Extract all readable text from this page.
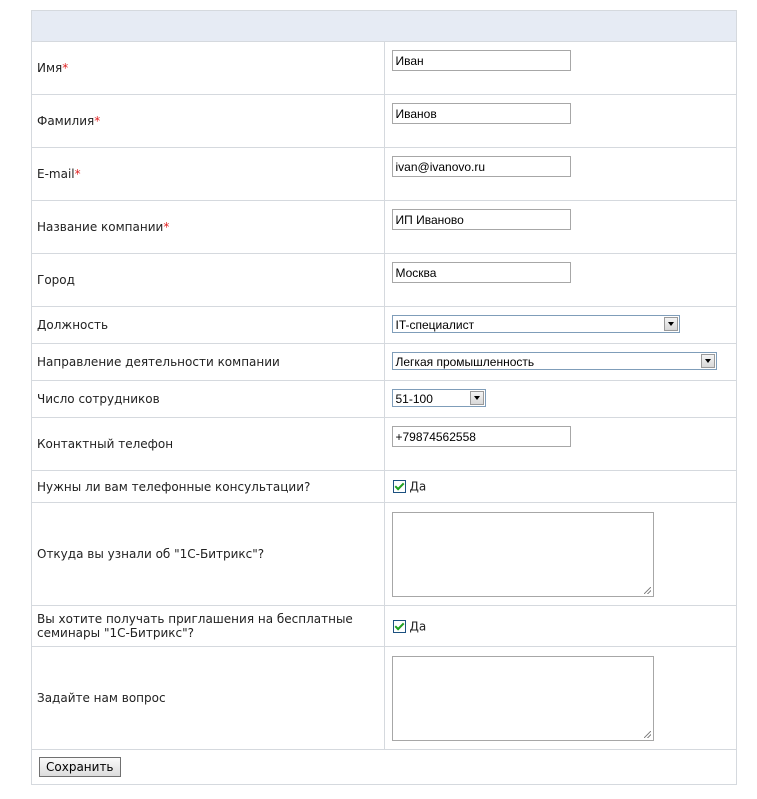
Имя*	Иван
Фамилия*	Иванов
E-mail*	ivan@ivanovo.ru
Название компании*	ИП Иваново
Город	Москва
Должность	IT-специалист

Направление деятельности компании	Легкая промышленность

Число сотрудников	51-100

Контактный телефон	+79874562558
Нужны ли вам телефонные консультации?	Да
Откуда вы узнали об "1С-Битрикс"?	

Вы хотите получать приглашения на бесплатные семинары "1С-Битрикс"?	Да
Задайте нам вопрос	

Сохранить	
